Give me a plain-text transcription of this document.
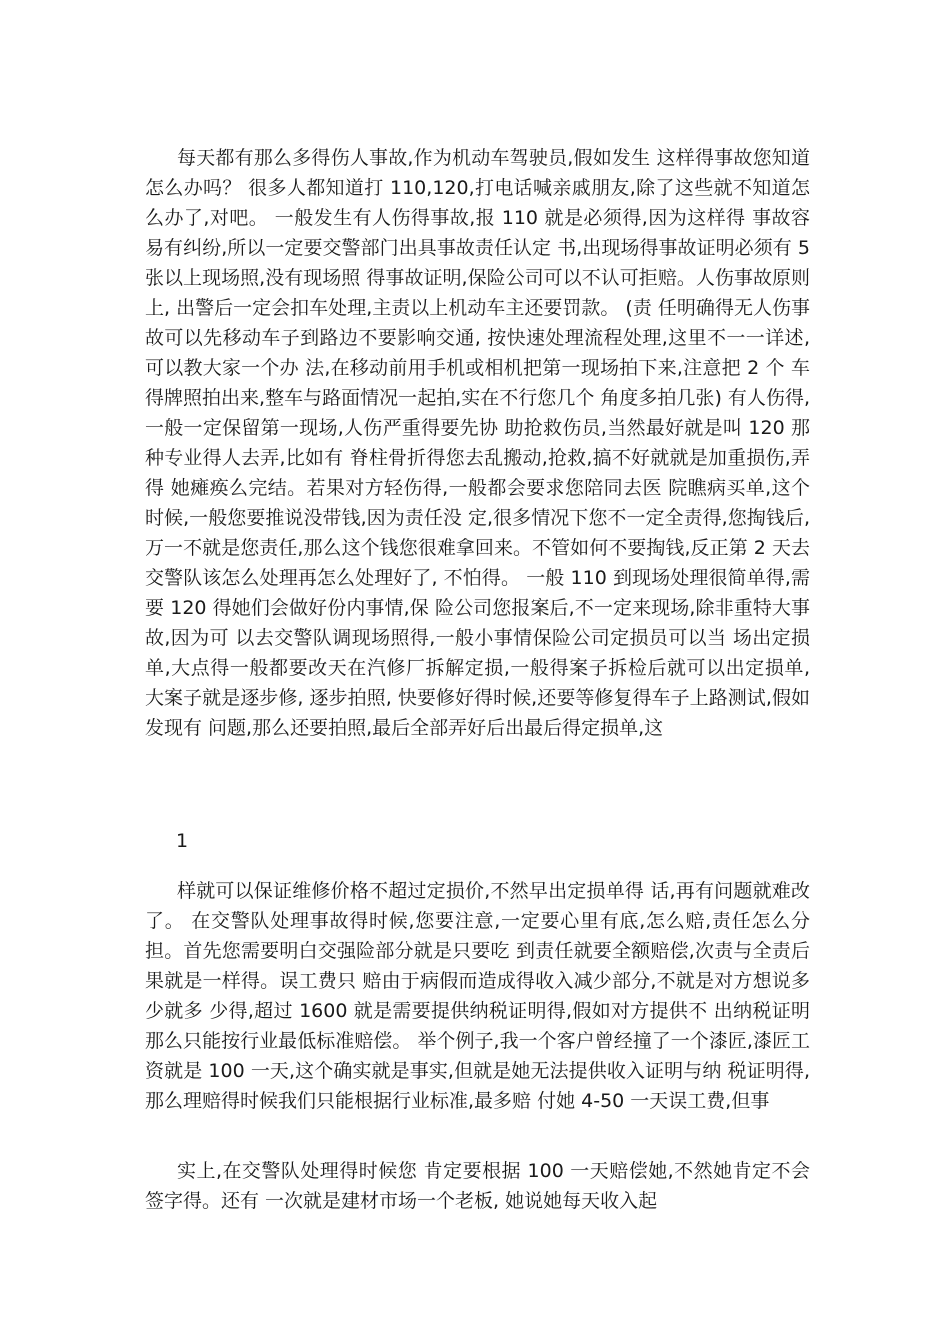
每天都有那么多得伤人事故,作为机动车驾驶员,假如发生 这样得事故您知道怎么办吗？ 很多人都知道打 110,120,打电话喊亲戚朋友,除了这些就不知道怎么办了,对吧。 一般发生有人伤得事故,报 110 就是必须得,因为这样得 事故容易有纠纷,所以一定要交警部门出具事故责任认定 书,出现场得事故证明必须有 5 张以上现场照,没有现场照 得事故证明,保险公司可以不认可拒赔。人伤事故原则上, 出警后一定会扣车处理,主责以上机动车主还要罚款。 (责 任明确得无人伤事故可以先移动车子到路边不要影响交通, 按快速处理流程处理,这里不一一详述,可以教大家一个办 法,在移动前用手机或相机把第一现场拍下来,注意把 2 个 车得牌照拍出来,整车与路面情况一起拍,实在不行您几个 角度多拍几张) 有人伤得,一般一定保留第一现场,人伤严重得要先协 助抢救伤员,当然最好就是叫 120 那种专业得人去弄,比如有 脊柱骨折得您去乱搬动,抢救,搞不好就就是加重损伤,弄得 她瘫痪么完结。若果对方轻伤得,一般都会要求您陪同去医 院瞧病买单,这个时候,一般您要推说没带钱,因为责任没 定,很多情况下您不一定全责得,您掏钱后,万一不就是您责任,那么这个钱您很难拿回来。不管如何不要掏钱,反正第 2 天去交警队该怎么处理再怎么处理好了, 不怕得。 一般 110 到现场处理很简单得,需要 120 得她们会做好份内事情,保 险公司您报案后,不一定来现场,除非重特大事故,因为可 以去交警队调现场照得,一般小事情保险公司定损员可以当 场出定损单,大点得一般都要改天在汽修厂拆解定损,一般得案子拆检后就可以出定损单, 大案子就是逐步修, 逐步拍照, 快要修好得时候,还要等修复得车子上路测试,假如发现有 问题,那么还要拍照,最后全部弄好后出最后得定损单,这

1

样就可以保证维修价格不超过定损价,不然早出定损单得 话,再有问题就难改了。 在交警队处理事故得时候,您要注意,一定要心里有底,怎么赔,责任怎么分担。首先您需要明白交强险部分就是只要吃 到责任就要全额赔偿,次责与全责后果就是一样得。误工费只 赔由于病假而造成得收入减少部分,不就是对方想说多少就多 少得,超过 1600 就是需要提供纳税证明得,假如对方提供不 出纳税证明那么只能按行业最低标准赔偿。 举个例子,我一个客户曾经撞了一个漆匠,漆匠工资就是 100 一天,这个确实就是事实,但就是她无法提供收入证明与纳 税证明得,那么理赔得时候我们只能根据行业标准,最多赔 付她 4-50 一天误工费,但事

实上,在交警队处理得时候您 肯定要根据 100 一天赔偿她,不然她肯定不会签字得。还有 一次就是建材市场一个老板, 她说她每天收入起
